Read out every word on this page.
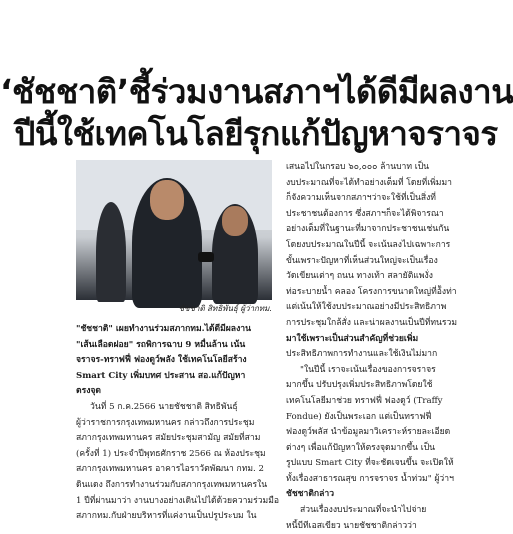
‘ชัชชาติ’ชี้ร่วมงานสภาฯได้ดีมีผลงาน
ปีนี้ใช้เทคโนโลยีรุกแก้ปัญหาจราจร
ชัชชาติ สิทธิพันธุ์ ผู้ว่ากทม.

"ชัชชาติ" เผยทำงานร่วมสภากทม.ได้ดีมีผลงาน

"เส้นเลือดฝอย" รถพิการฉาบ 9 หมื่นล้าน เน้น

จราจร-ทราฟฟี่ ฟองดูว์พลัง ใช้เทคโนโลยีสร้าง

Smart City เพิ่มบทศ ประสาน สอ.แก้ปัญหา

ตรงจุด

วันที่ 5 ก.ค.2566 นายชัชชาติ สิทธิพันธุ์

ผู้ว่าราชการกรุงเทพมหานคร กล่าวถึงการประชุม

สภากรุงเทพมหานคร สมัยประชุมสามัญ สมัยที่สาม

(ครั้งที่ 1) ประจำปีพุทธศักราช 2566 ณ ห้องประชุม

สภากรุงเทพมหานคร อาคารไอราวัตพัฒนา กทม. 2

ดินแดง ถึงการทำงานร่วมกับสภากรุงเทพมหานครใน

1 ปีที่ผ่านมาว่า งานบางอย่างเดินไปได้ด้วยความร่วมมือ

สภากทม.กับฝ่ายบริหารที่แค่งานเป็นปรูประบม ใน

เสนอไปในกรอบ ๖๐,๐๐๐ ล้านบาท เป็น

งบประมาณที่จะได้ทำอย่างเต็มที่ โดยที่เพิ่มมา

ก็จังความเห็นจากสภาฯว่าจะใช้ที่เป็นสิ่งที่

ประชาชนต้องการ ซึ่งสภาฯก็จะได้พิจารณา

อย่างเต็มที่ในฐานะที่มาจากประชาชนเช่นกัน

โดยงบประมาณในปีนี้ จะเน้นลงไปเฉพาะการ

ขั้นเพราะปัญหาที่เห็นส่วนใหญ่จะเป็นเรื่อง

วัดเขียนเต่าๆ ถนน ทางเท้า สลายัติแพงั่ง

ท่อระบายน้ำ คลอง โครงการขนาดใหญ่ที่อ้ังท่า

แต่เน้นให้ใช้งบประมาณอย่างมีประสิทธิภาพ

การประชุมใกล้สั่ง และน่าผลงานเป็นปีที่ทนรวม

มาใช้เพราะเป็นส่วนสำคัญที่ช่วยเพิ่ม

ประสิทธิภาพการทำงานและใช้เงินไม่มาก

"ในปีนี้ เราจะเน้นเรื่องของการจราจร

มากขึ้น ปรับปรุงเพิ่มประสิทธิภาพโดยใช้

เทคโนโลยีมาช่วย ทราฟฟี่ ฟองดูว์ (Traffy

Fondue) ยังเป็นพระเอก แต่เป็นทราฟฟี่

ฟองดูว์พลัส นำข้อมูลมาวิเคราะห์รายละเอียด

ต่างๆ เพื่อแก้ปัญหาให้ตรงจุดมากขึ้น เป็น

รูปแบบ Smart City ที่จะชัดเจนขึ้น จะเปิดให้

ทั้งเรื่องสาธารณสุข การจราจร น้ำท่วม" ผู้ว่าฯ

ชัชชาติกล่าว

ส่วนเรื่องงบประมาณที่จะนำไปจ่าย

หนี้บีทีเอสเขียว นายชัชชาติกล่าวว่า
